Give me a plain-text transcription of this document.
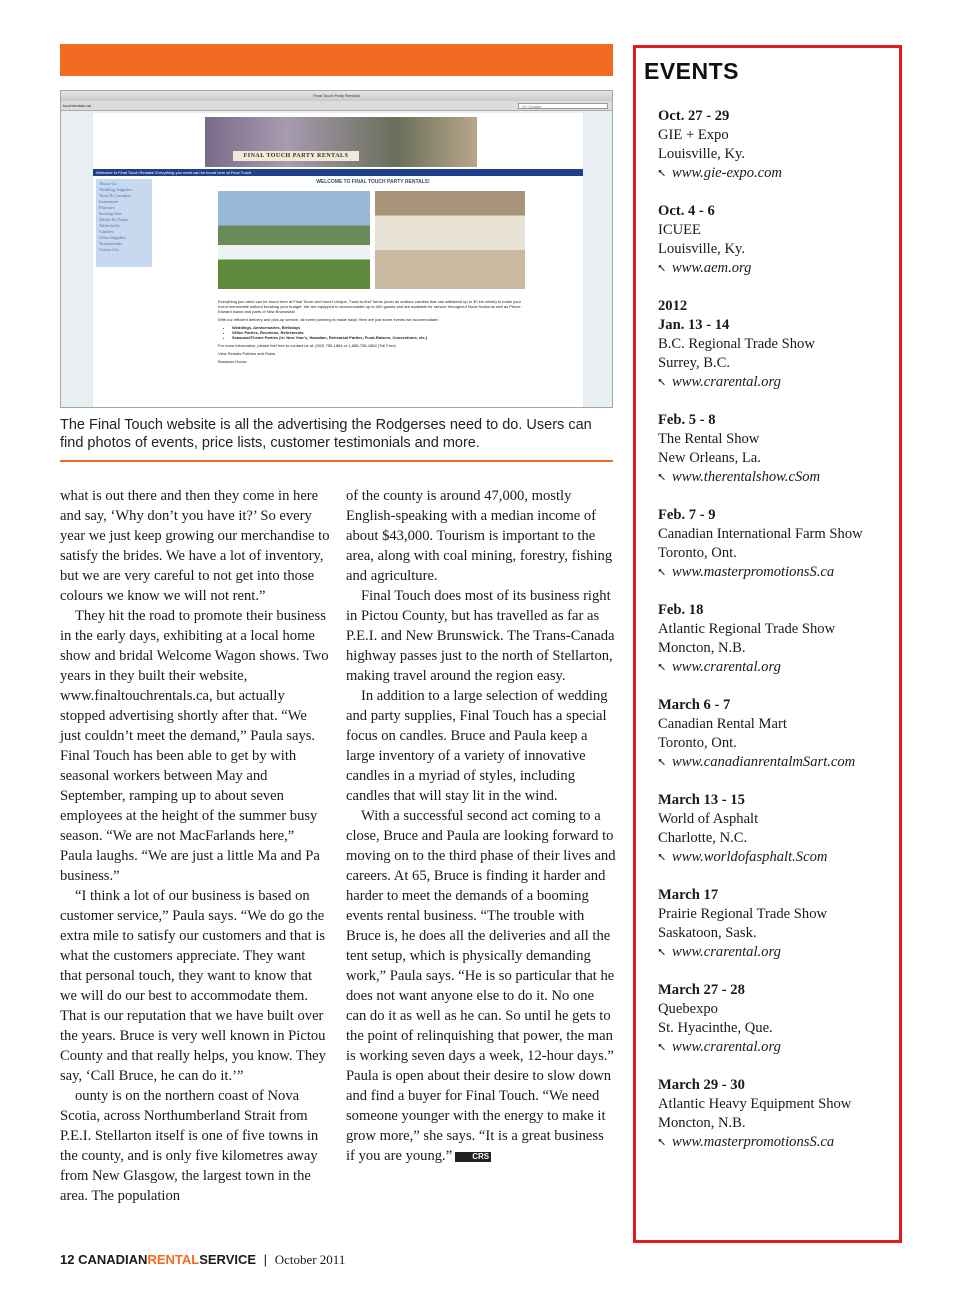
Final Touch Party Rentals!
touchrentals.ca/	Q+ Google
FINAL TOUCH PARTY RENTALS
Welcome to Final Touch Rentals! Everything you need can be found here at Final Touch.
About Us
Wedding Supplies
Tents & Canopies
Ironmaster
Flatware
Serving Sets
Tables & Chairs
Tablecloths
Candles
Other Supplies
Testimonials
Contact Us
WELCOME TO FINAL TOUCH PARTY RENTALS!

Everything you need can be found here at Final Touch and more! Unique, "hard-to-find" items (such as outdoor candles that can withstand up to 30 km winds) to make your event memorable without breaking your budget. We are equipped to accommodate up to 400 guests and are available for service throughout Nova Scotia as well as Prince Edward Island and parts of New Brunswick!

With our efficient delivery and pick-up service, all event planning is made easy! Here are just some events we accommodate:

• Weddings, Anniversaries, Birthdays
• Office Parties, Reunions, Retirements
• Seasonal/Theme Parties (ie: New Year's, Hawaiian, Rehearsal Parties, Fund-Raisers, Conventions, etc.)

For more information, please feel free to contact us at: (902) 755-1864 or 1-888-755-1864 (Toll Free)

View Rentals Policies and Rules

Business Hours:

The Final Touch website is all the advertising the Rodgerses need to do. Users can find photos of events, price lists, customer testimonials and more.

what is out there and then they come in here and say, ‘Why don’t you have it?’ So every year we just keep growing our merchandise to satisfy the brides. We have a lot of inventory, but we are very careful to not get into those colours we know we will not rent.”

They hit the road to promote their business in the early days, exhibiting at a local home show and bridal Welcome Wagon shows. Two years in they built their website, www.finaltouchrentals.ca, but actually stopped advertising shortly after that. “We just couldn’t meet the demand,” Paula says. Final Touch has been able to get by with seasonal workers between May and September, ramping up to about seven employees at the height of the summer busy season. “We are not MacFarlands here,” Paula laughs. “We are just a little Ma and Pa business.”

“I think a lot of our business is based on customer service,” Paula says. “We do go the extra mile to satisfy our customers and that is what the customers appreciate. They want that personal touch, they want to know that we will do our best to accommodate them. That is our reputation that we have built over the years. Bruce is very well known in Pictou County and that really helps, you know. They say, ‘Call Bruce, he can do it.’”

ounty is on the northern coast of Nova Scotia, across Northumberland Strait from P.E.I. Stellarton itself is one of five towns in the county, and is only five kilometres away from New Glasgow, the largest town in the area. The population

of the county is around 47,000, mostly English-speaking with a median income of about $43,000. Tourism is important to the area, along with coal mining, forestry, fishing and agriculture.

Final Touch does most of its business right in Pictou County, but has travelled as far as P.E.I. and New Brunswick. The Trans-Canada highway passes just to the north of Stellarton, making travel around the region easy.

In addition to a large selection of wedding and party supplies, Final Touch has a special focus on candles. Bruce and Paula keep a large inventory of a variety of innovative candles in a myriad of styles, including candles that will stay lit in the wind.

With a successful second act coming to a close, Bruce and Paula are looking forward to moving on to the third phase of their lives and careers. At 65, Bruce is finding it harder and harder to meet the demands of a booming events rental business. “The trouble with Bruce is, he does all the deliveries and all the tent setup, which is physically demanding work,” Paula says. “He is so particular that he does not want anyone else to do it. No one can do it as well as he can. So until he gets to the point of relinquishing that power, the man is working seven days a week, 12-hour days.” Paula is open about their desire to slow down and find a buyer for Final Touch. “We need someone younger with the energy to make it grow more,” she says. “It is a great business if you are young.”	CRS

12 CANADIANRENTALSERVICE | October 2011
EVENTS
Oct. 27 - 29
GIE + Expo
Louisville, Ky.
⭦ www.gie-expo.com
Oct. 4 - 6
ICUEE
Louisville, Ky.
⭦ www.aem.org
2012
Jan. 13 - 14
B.C. Regional Trade Show
Surrey, B.C.
⭦ www.crarental.org
Feb. 5 - 8
The Rental Show
New Orleans, La.
⭦ www.therentalshow.cSom
Feb. 7 - 9
Canadian International Farm Show
Toronto, Ont.
⭦ www.masterpromotionsS.ca
Feb. 18
Atlantic Regional Trade Show
Moncton, N.B.
⭦ www.crarental.org
March 6 - 7
Canadian Rental Mart
Toronto, Ont.
⭦ www.canadianrentalmSart.com
March 13 - 15
World of Asphalt
Charlotte, N.C.
⭦ www.worldofasphalt.Scom
March 17
Prairie Regional Trade Show
Saskatoon, Sask.
⭦ www.crarental.org
March 27 - 28
Quebexpo
St. Hyacinthe, Que.
⭦ www.crarental.org
March 29 - 30
Atlantic Heavy Equipment Show
Moncton, N.B.
⭦ www.masterpromotionsS.ca
